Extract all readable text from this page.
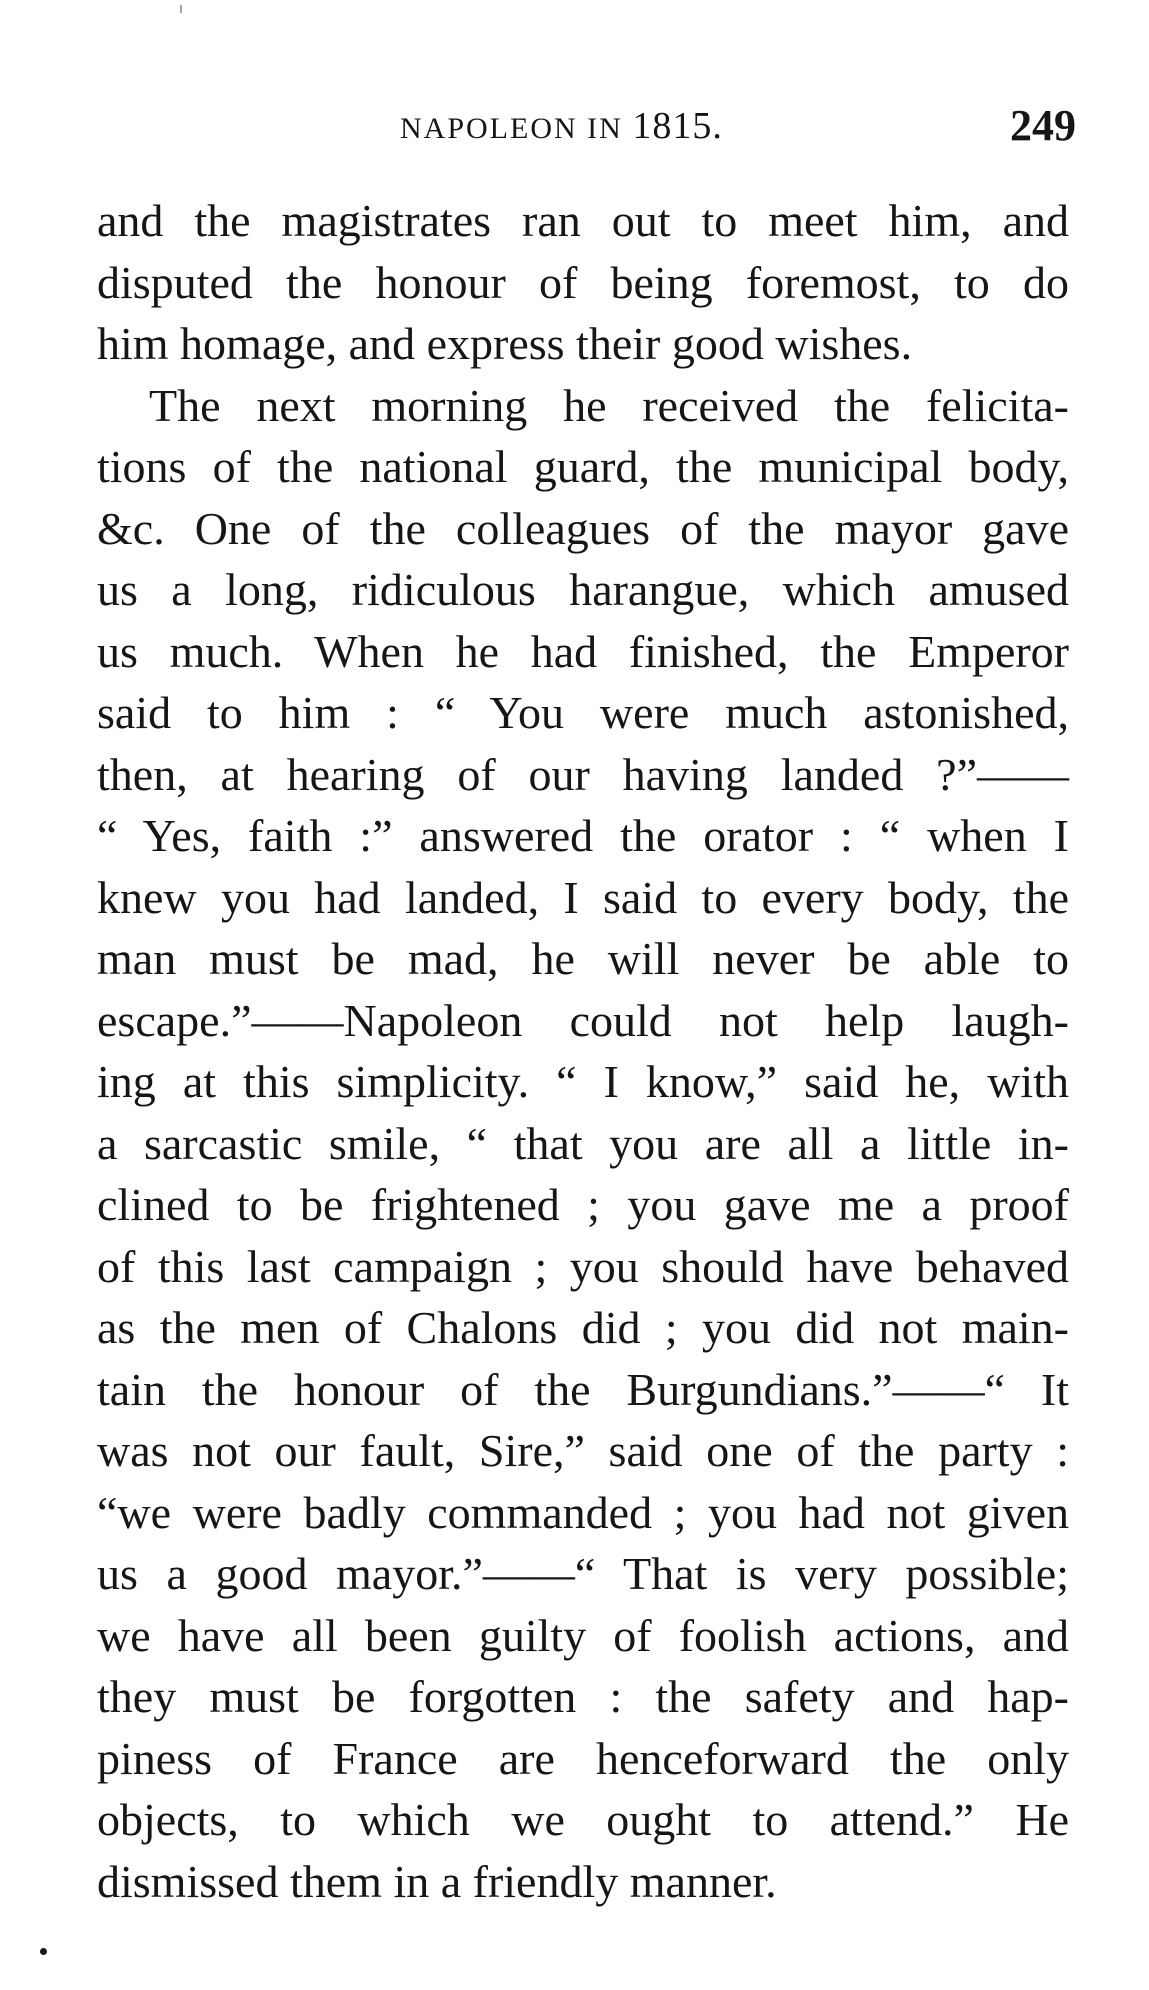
NAPOLEON IN 1815.	249
and the magistrates ran out to meet him, and
disputed the honour of being foremost, to do
him homage, and express their good wishes.
The next morning he received the felicita-
tions of the national guard, the municipal body,
&c. One of the colleagues of the mayor gave
us a long, ridiculous harangue, which amused
us much. When he had finished, the Emperor
said to him : “ You were much astonished,
then, at hearing of our having landed ?”——
“ Yes, faith :” answered the orator : “ when I
knew you had landed, I said to every body, the
man must be mad, he will never be able to
escape.”——Napoleon could not help laugh-
ing at this simplicity. “ I know,” said he, with
a sarcastic smile, “ that you are all a little in-
clined to be frightened ; you gave me a proof
of this last campaign ; you should have behaved
as the men of Chalons did ; you did not main-
tain the honour of the Burgundians.”——“ It
was not our fault, Sire,” said one of the party :
“we were badly commanded ; you had not given
us a good mayor.”——“ That is very possible;
we have all been guilty of foolish actions, and
they must be forgotten : the safety and hap-
piness of France are henceforward the only
objects, to which we ought to attend.” He
dismissed them in a friendly manner.
